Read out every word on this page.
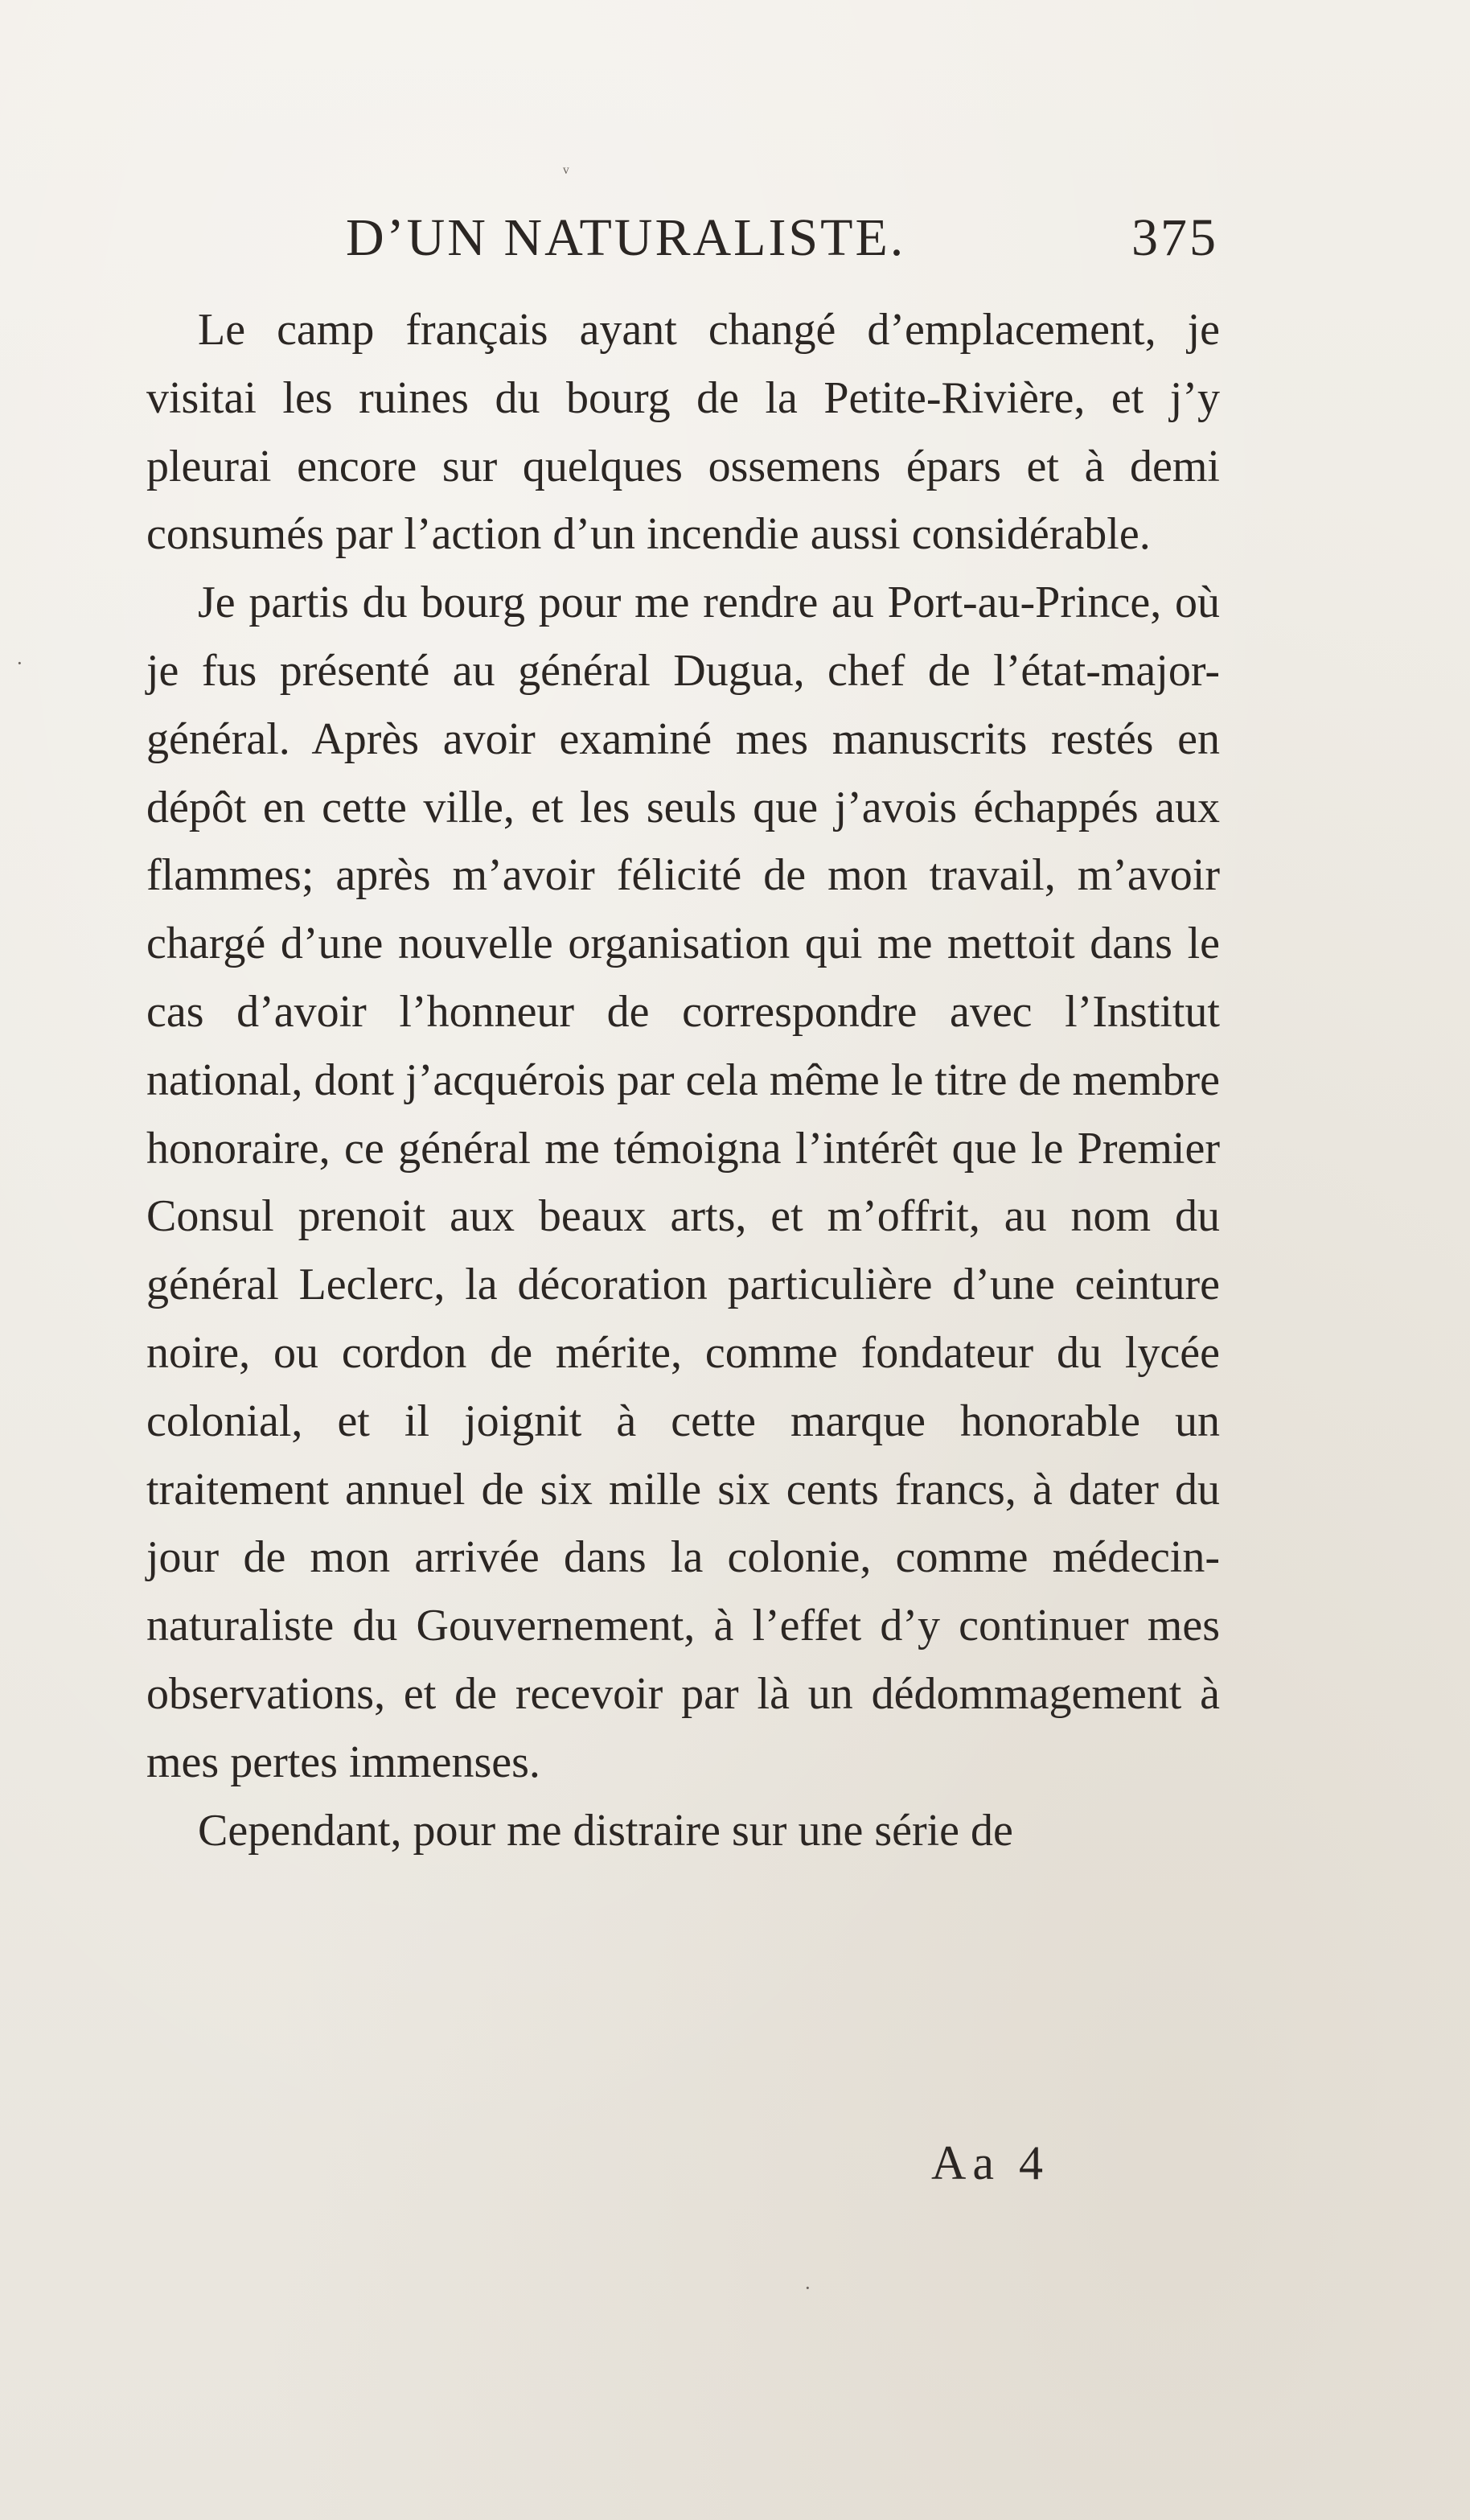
ᵛ
·
·
D’UN NATURALISTE.	375

Le camp français ayant changé d’emplacement, je visitai les ruines du bourg de la Petite-Rivière, et j’y pleurai encore sur quelques ossemens épars et à demi consumés par l’action d’un incendie aussi considérable.

Je partis du bourg pour me rendre au Port-au-Prince, où je fus présenté au général Dugua, chef de l’état-major-général. Après avoir examiné mes manuscrits restés en dépôt en cette ville, et les seuls que j’avois échappés aux flammes; après m’avoir félicité de mon travail, m’avoir chargé d’une nouvelle organisation qui me mettoit dans le cas d’avoir l’honneur de correspondre avec l’Institut national, dont j’acquérois par cela même le titre de membre honoraire, ce général me témoigna l’intérêt que le Premier Consul prenoit aux beaux arts, et m’offrit, au nom du général Leclerc, la décoration particulière d’une ceinture noire, ou cordon de mérite, comme fondateur du lycée colonial, et il joignit à cette marque honorable un traitement annuel de six mille six cents francs, à dater du jour de mon arrivée dans la colonie, comme médecin-naturaliste du Gouvernement, à l’effet d’y continuer mes observations, et de recevoir par là un dédommagement à mes pertes immenses.

Cependant, pour me distraire sur une série de

Aa 4
